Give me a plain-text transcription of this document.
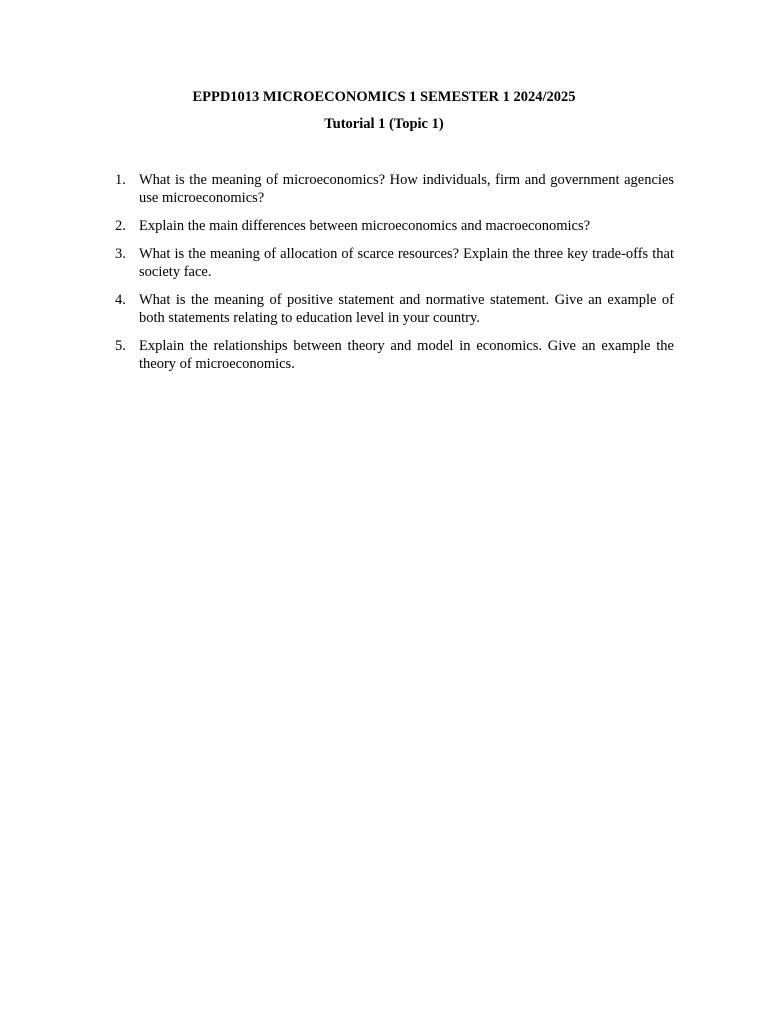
EPPD1013 MICROECONOMICS 1 SEMESTER 1 2024/2025
Tutorial 1 (Topic 1)
1. What is the meaning of microeconomics? How individuals, firm and government agencies use microeconomics?
2. Explain the main differences between microeconomics and macroeconomics?
3. What is the meaning of allocation of scarce resources? Explain the three key trade-offs that society face.
4. What is the meaning of positive statement and normative statement. Give an example of both statements relating to education level in your country.
5. Explain the relationships between theory and model in economics. Give an example the theory of microeconomics.
